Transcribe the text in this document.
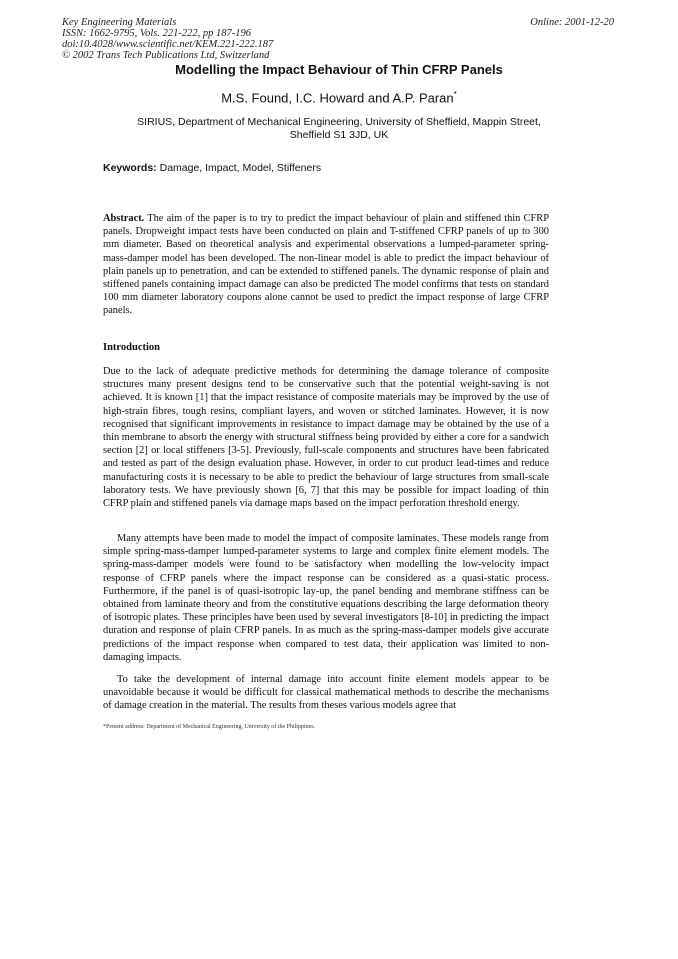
Key Engineering Materials
ISSN: 1662-9795, Vols. 221-222, pp 187-196
doi:10.4028/www.scientific.net/KEM.221-222.187
© 2002 Trans Tech Publications Ltd, Switzerland
Online: 2001-12-20
Modelling the Impact Behaviour of Thin CFRP Panels
M.S. Found, I.C. Howard and A.P. Paran*
SIRIUS, Department of Mechanical Engineering, University of Sheffield, Mappin Street, Sheffield S1 3JD, UK
Keywords: Damage, Impact, Model, Stiffeners

Abstract. The aim of the paper is to try to predict the impact behaviour of plain and stiffened thin CFRP panels. Dropweight impact tests have been conducted on plain and T-stiffened CFRP panels of up to 300 mm diameter. Based on theoretical analysis and experimental observations a lumped-parameter spring-mass-damper model has been developed. The non-linear model is able to predict the impact behaviour of plain panels up to penetration, and can be extended to stiffened panels. The dynamic response of plain and stiffened panels containing impact damage can also be predicted The model confirms that tests on standard 100 mm diameter laboratory coupons alone cannot be used to predict the impact response of large CFRP panels.

Introduction

Due to the lack of adequate predictive methods for determining the damage tolerance of composite structures many present designs tend to be conservative such that the potential weight-saving is not achieved. It is known [1] that the impact resistance of composite materials may be improved by the use of high-strain fibres, tough resins, compliant layers, and woven or stitched laminates. However, it is now recognised that significant improvements in resistance to impact damage may be obtained by the use of a thin membrane to absorb the energy with structural stiffness being provided by either a core for a sandwich section [2] or local stiffeners [3-5]. Previously, full-scale components and structures have been fabricated and tested as part of the design evaluation phase. However, in order to cut product lead-times and reduce manufacturing costs it is necessary to be able to predict the behaviour of large structures from small-scale laboratory tests. We have previously shown [6, 7] that this may be possible for impact loading of thin CFRP plain and stiffened panels via damage maps based on the impact perforation threshold energy.

Many attempts have been made to model the impact of composite laminates. These models range from simple spring-mass-damper lumped-parameter systems to large and complex finite element models. The spring-mass-damper models were found to be satisfactory when modelling the low-velocity impact response of CFRP panels where the impact response can be considered as a quasi-static process. Furthermore, if the panel is of quasi-isotropic lay-up, the panel bending and membrane stiffness can be obtained from laminate theory and from the constitutive equations describing the large deformation theory of isotropic plates. These principles have been used by several investigators [8-10] in predicting the impact duration and response of plain CFRP panels. In as much as the spring-mass-damper models give accurate predictions of the impact response when compared to test data, their application was limited to non-damaging impacts.

To take the development of internal damage into account finite element models appear to be unavoidable because it would be difficult for classical mathematical methods to describe the mechanisms of damage creation in the material. The results from theses various models agree that

*Present address: Department of Mechanical Engineering, University of the Philippines.
